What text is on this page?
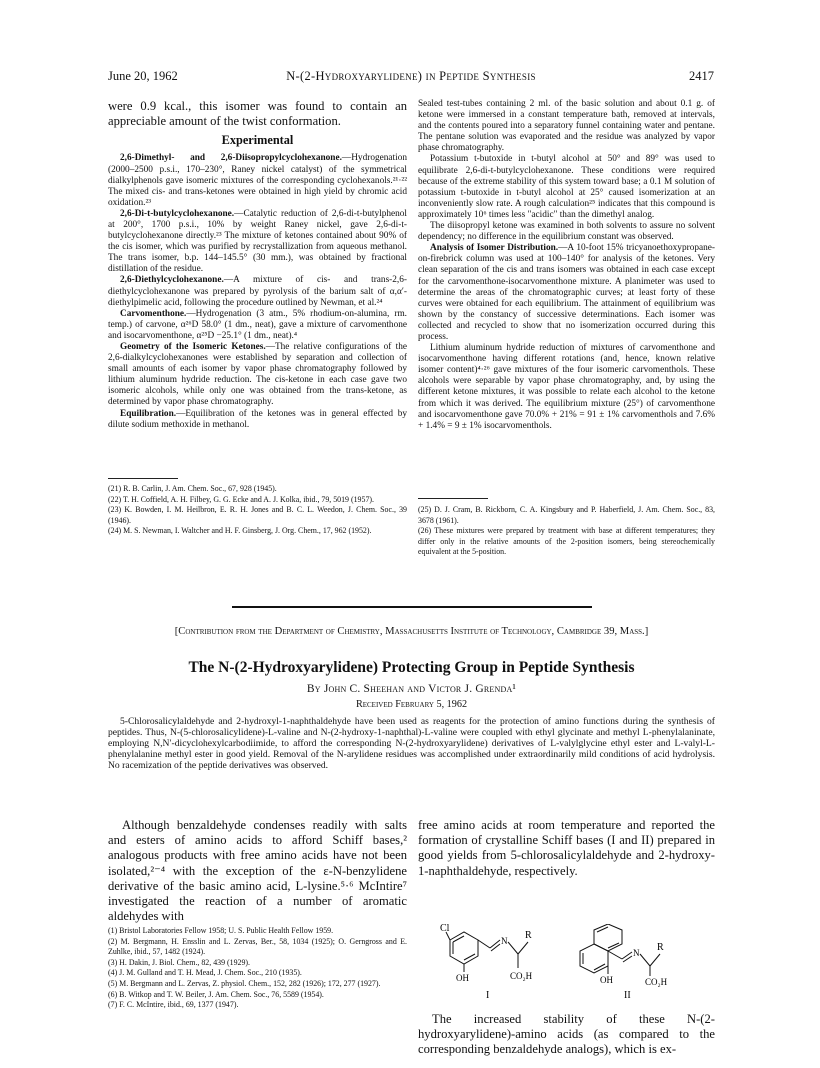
June 20, 1962	N-(2-Hydroxyarylidene) in Peptide Synthesis	2417

were 0.9 kcal., this isomer was found to contain an appreciable amount of the twist conformation.

Experimental

2,6-Dimethyl- and 2,6-Diisopropylcyclohexanone.—Hydrogenation (2000–2500 p.s.i., 170–230°, Raney nickel catalyst) of the symmetrical dialkylphenols gave isomeric mixtures of the corresponding cyclohexanols.²¹·²² The mixed cis- and trans-ketones were obtained in high yield by chromic acid oxidation.²³

2,6-Di-t-butylcyclohexanone.—Catalytic reduction of 2,6-di-t-butylphenol at 200°, 1700 p.s.i., 10% by weight Raney nickel, gave 2,6-di-t-butylcyclohexanone directly.²³ The mixture of ketones contained about 90% of the cis isomer, which was purified by recrystallization from aqueous methanol. The trans isomer, b.p. 144–145.5° (30 mm.), was obtained by fractional distillation of the residue.

2,6-Diethylcyclohexanone.—A mixture of cis- and trans-2,6-diethylcyclohexanone was prepared by pyrolysis of the barium salt of α,α′-diethylpimelic acid, following the procedure outlined by Newman, et al.²⁴

Carvomenthone.—Hydrogenation (3 atm., 5% rhodium-on-alumina, rm. temp.) of carvone, α²⁶D 58.0° (1 dm., neat), gave a mixture of carvomenthone and isocarvomenthone, α²⁵D −25.1° (1 dm., neat).⁴

Geometry of the Isomeric Ketones.—The relative configurations of the 2,6-dialkylcyclohexanones were established by separation and collection of small amounts of each isomer by vapor phase chromatography followed by lithium aluminum hydride reduction. The cis-ketone in each case gave two isomeric alcohols, while only one was obtained from the trans-ketone, as determined by vapor phase chromatography.

Equilibration.—Equilibration of the ketones was in general effected by dilute sodium methoxide in methanol.

Sealed test-tubes containing 2 ml. of the basic solution and about 0.1 g. of ketone were immersed in a constant temperature bath, removed at intervals, and the contents poured into a separatory funnel containing water and pentane. The pentane solution was evaporated and the residue was analyzed by vapor phase chromatography.

Potassium t-butoxide in t-butyl alcohol at 50° and 89° was used to equilibrate 2,6-di-t-butylcyclohexanone. These conditions were required because of the extreme stability of this system toward base; a 0.1 M solution of potassium t-butoxide in t-butyl alcohol at 25° caused isomerization at an inconveniently slow rate. A rough calculation²⁵ indicates that this compound is approximately 10⁶ times less "acidic" than the dimethyl analog.

The diisopropyl ketone was examined in both solvents to assure no solvent dependency; no difference in the equilibrium constant was observed.

Analysis of Isomer Distribution.—A 10-foot 15% tricyanoethoxypropane-on-firebrick column was used at 100–140° for analysis of the ketones. Very clean separation of the cis and trans isomers was obtained in each case except for the carvomenthone-isocarvomenthone mixture. A planimeter was used to determine the areas of the chromatographic curves; at least forty of these curves were obtained for each equilibrium. The attainment of equilibrium was shown by the constancy of successive determinations. Each isomer was collected and recycled to show that no isomerization occurred during this process.

Lithium aluminum hydride reduction of mixtures of carvomenthone and isocarvomenthone having different rotations (and, hence, known relative isomer content)⁴·²⁶ gave mixtures of the four isomeric carvomenthols. These alcohols were separable by vapor phase chromatography, and, by using the different ketone mixtures, it was possible to relate each alcohol to the ketone from which it was derived. The equilibrium mixture (25°) of carvomenthone and isocarvomenthone gave 70.0% + 21% = 91 ± 1% carvomenthols and 7.6% + 1.4% = 9 ± 1% isocarvomenthols.

(21) R. B. Carlin, J. Am. Chem. Soc., 67, 928 (1945).

(22) T. H. Coffield, A. H. Filbey, G. G. Ecke and A. J. Kolka, ibid., 79, 5019 (1957).

(23) K. Bowden, I. M. Heilbron, E. R. H. Jones and B. C. L. Weedon, J. Chem. Soc., 39 (1946).

(24) M. S. Newman, I. Waltcher and H. F. Ginsberg, J. Org. Chem., 17, 962 (1952).

(25) D. J. Cram, B. Rickborn, C. A. Kingsbury and P. Haberfield, J. Am. Chem. Soc., 83, 3678 (1961).

(26) These mixtures were prepared by treatment with base at different temperatures; they differ only in the relative amounts of the 2-position isomers, being stereochemically equivalent at the 5-position.

[Contribution from the Department of Chemistry, Massachusetts Institute of Technology, Cambridge 39, Mass.]
The N-(2-Hydroxyarylidene) Protecting Group in Peptide Synthesis
By John C. Sheehan and Victor J. Grenda¹
Received February 5, 1962

5-Chlorosalicylaldehyde and 2-hydroxyl-1-naphthaldehyde have been used as reagents for the protection of amino functions during the synthesis of peptides. Thus, N-(5-chlorosalicylidene)-L-valine and N-(2-hydroxy-1-naphthal)-L-valine were coupled with ethyl glycinate and methyl L-phenylalaninate, employing N,N′-dicyclohexylcarbodiimide, to afford the corresponding N-(2-hydroxyarylidene) derivatives of L-valylglycine ethyl ester and L-valyl-L-phenylalanine methyl ester in good yield. Removal of the N-arylidene residues was accomplished under extraordinarily mild conditions of acid hydrolysis. No racemization of the peptide derivatives was observed.

Although benzaldehyde condenses readily with salts and esters of amino acids to afford Schiff bases,² analogous products with free amino acids have not been isolated,²⁻⁴ with the exception of the ε-N-benzylidene derivative of the basic amino acid, L-lysine.⁵·⁶ McIntire⁷ investigated the reaction of a number of aromatic aldehydes with

(1) Bristol Laboratories Fellow 1958; U. S. Public Health Fellow 1959.

(2) M. Bergmann, H. Ensslin and L. Zervas, Ber., 58, 1034 (1925); O. Gerngross and E. Zuhlke, ibid., 57, 1482 (1924).

(3) H. Dakin, J. Biol. Chem., 82, 439 (1929).

(4) J. M. Gulland and T. H. Mead, J. Chem. Soc., 210 (1935).

(5) M. Bergmann and L. Zervas, Z. physiol. Chem., 152, 282 (1926); 172, 277 (1927).

(6) B. Witkop and T. W. Beiler, J. Am. Chem. Soc., 76, 5589 (1954).

(7) F. C. McIntire, ibid., 69, 1377 (1947).

free amino acids at room temperature and reported the formation of crystalline Schiff bases (I and II) prepared in good yields from 5-chlorosalicylaldehyde and 2-hydroxy-1-naphthaldehyde, respectively.

Cl
N R
OH	CO₂H
I
N R
OH	CO₂H
II

The increased stability of these N-(2-hydroxyarylidene)-amino acids (as compared to the corresponding benzaldehyde analogs), which is ex-
